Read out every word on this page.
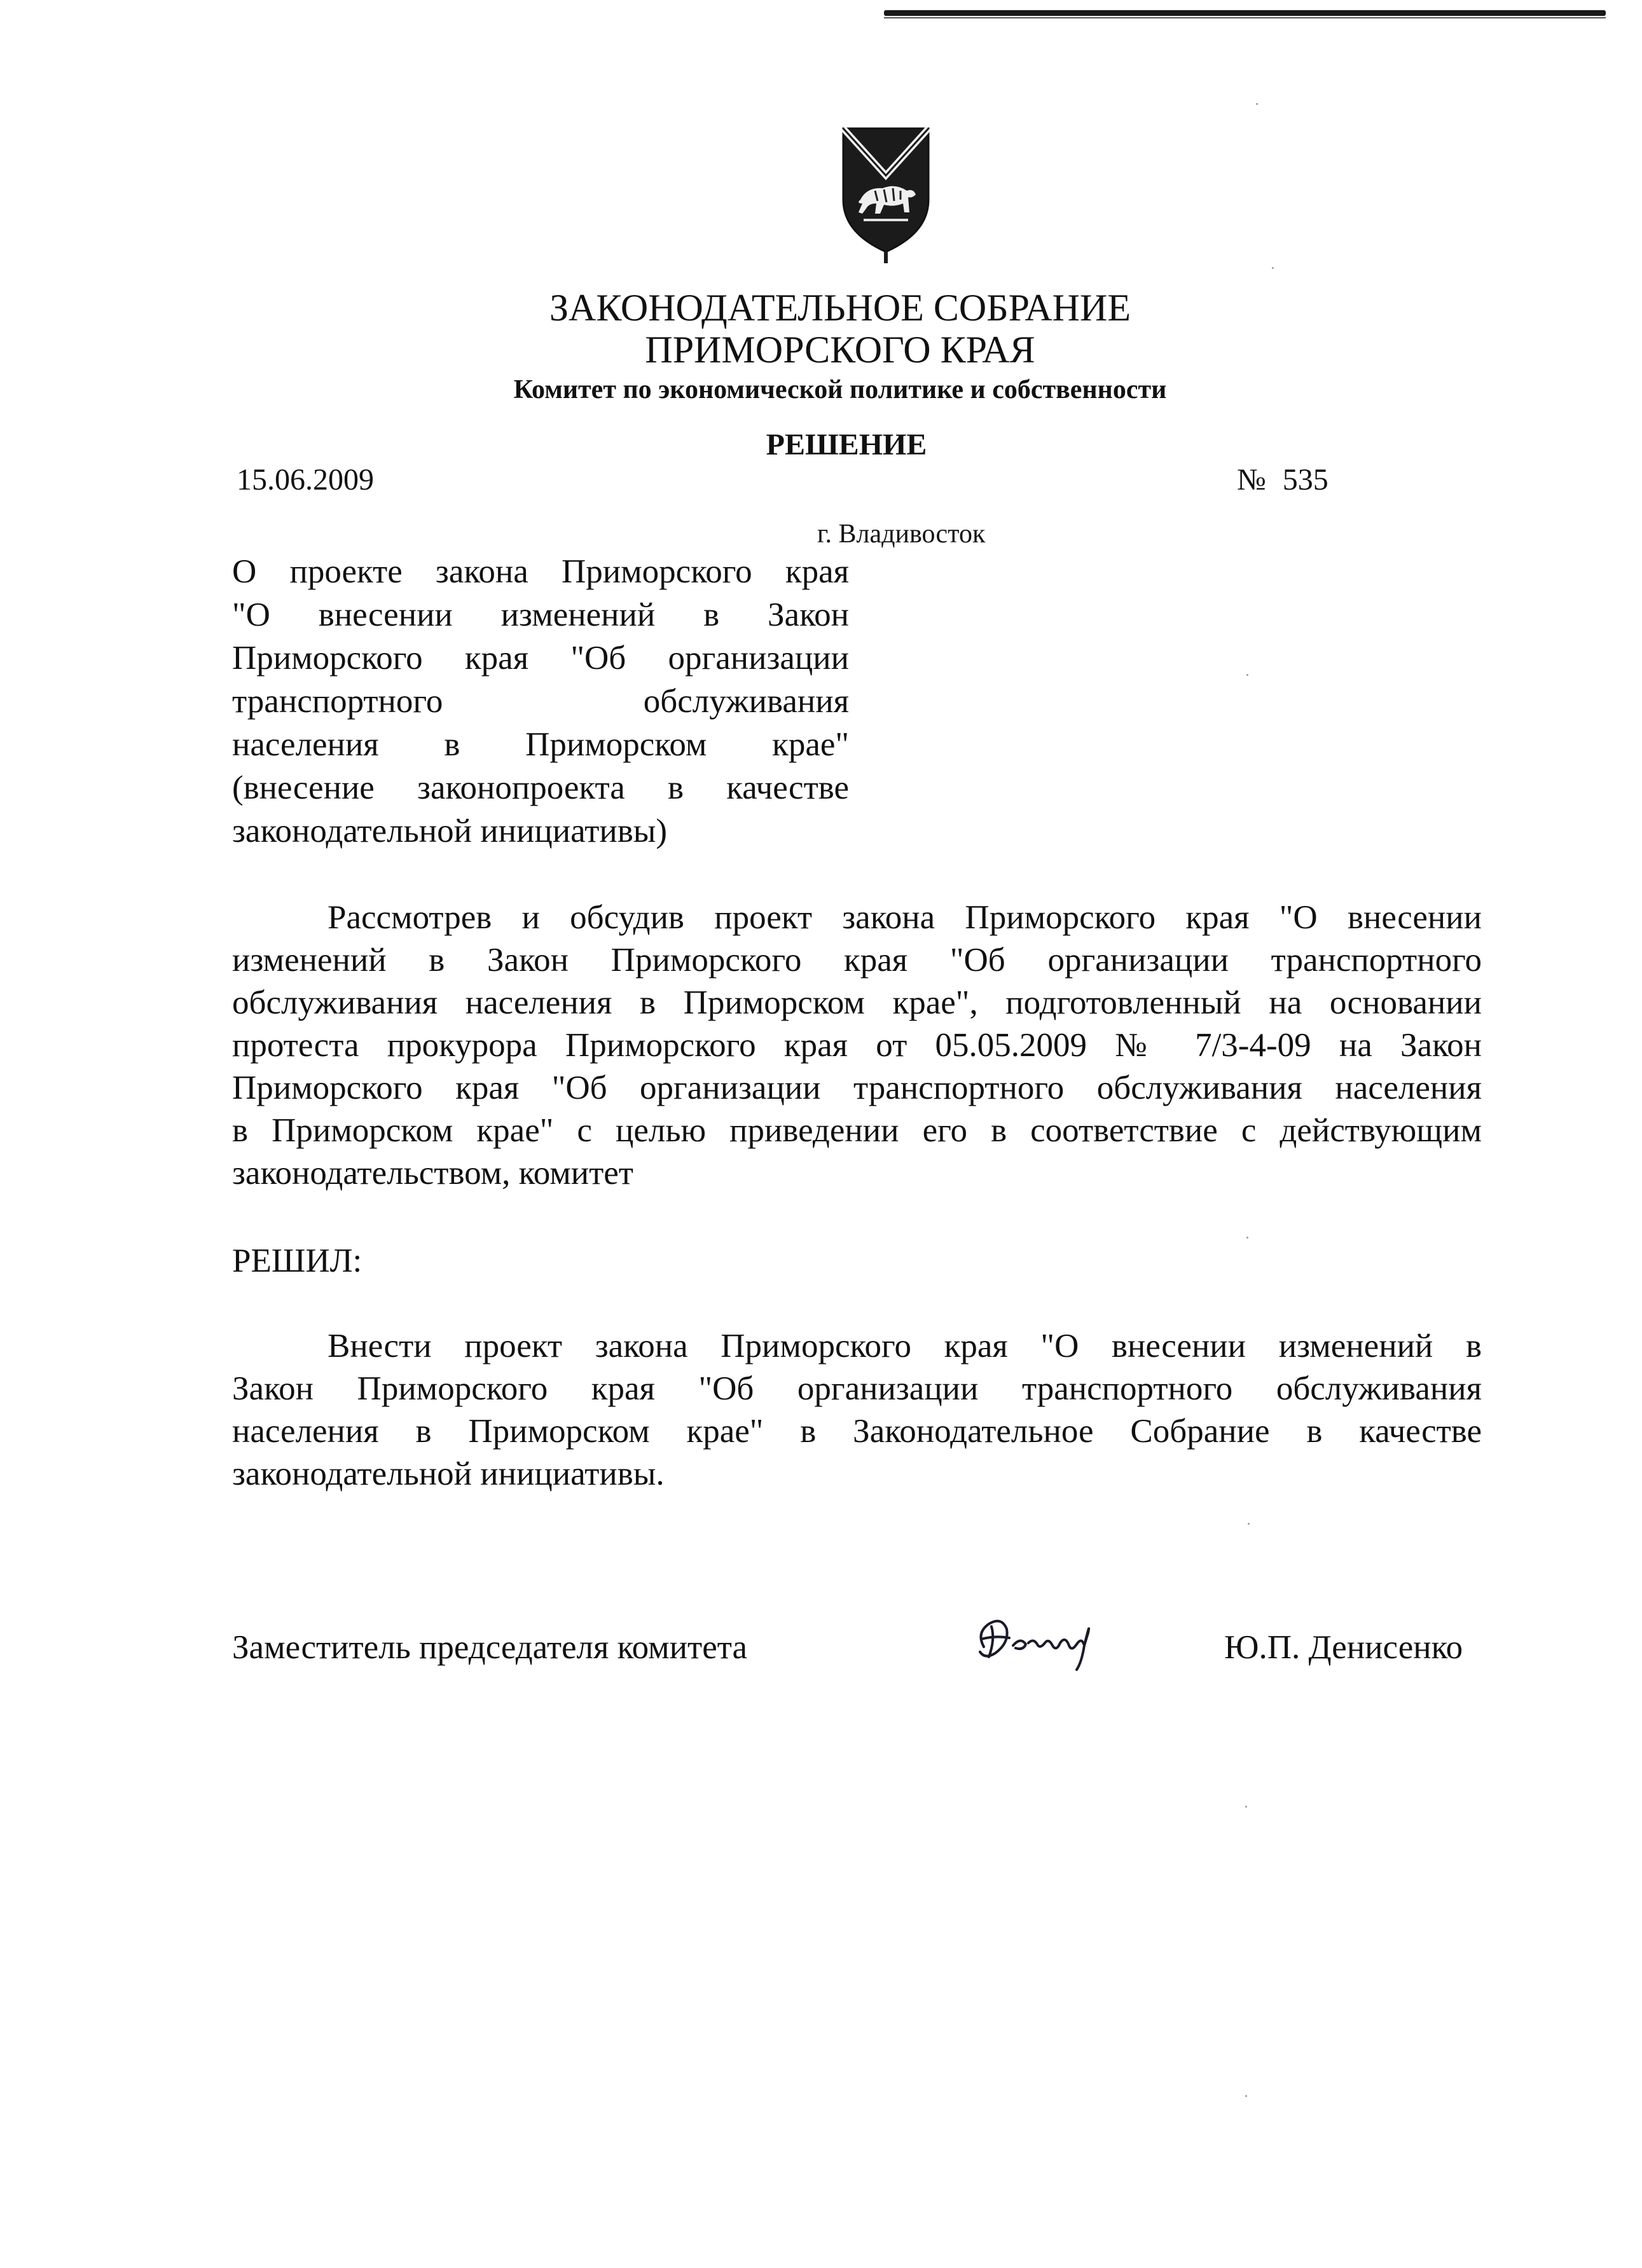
ЗАКОНОДАТЕЛЬНОЕ СОБРАНИЕ
ПРИМОРСКОГО КРАЯ
Комитет по экономической политике и собственности
РЕШЕНИЕ
15.06.2009	№ 535
г. Владивосток
О проекте закона Приморского края
"О внесении изменений в Закон
Приморского края "Об организации
транспортного обслуживания
населения в Приморском крае"
(внесение законопроекта в качестве
законодательной инициативы)
Рассмотрев и обсудив проект закона Приморского края "О внесении
изменений в Закон Приморского края "Об организации транспортного
обслуживания населения в Приморском крае", подготовленный на основании
протеста прокурора Приморского края от 05.05.2009 № 7/3-4-09 на Закон
Приморского края "Об организации транспортного обслуживания населения
в Приморском крае" с целью приведении его в соответствие с действующим
законодательством, комитет
РЕШИЛ:
Внести проект закона Приморского края "О внесении изменений в
Закон Приморского края "Об организации транспортного обслуживания
населения в Приморском крае" в Законодательное Собрание в качестве
законодательной инициативы.
Заместитель председателя комитета	Ю.П. Денисенко
